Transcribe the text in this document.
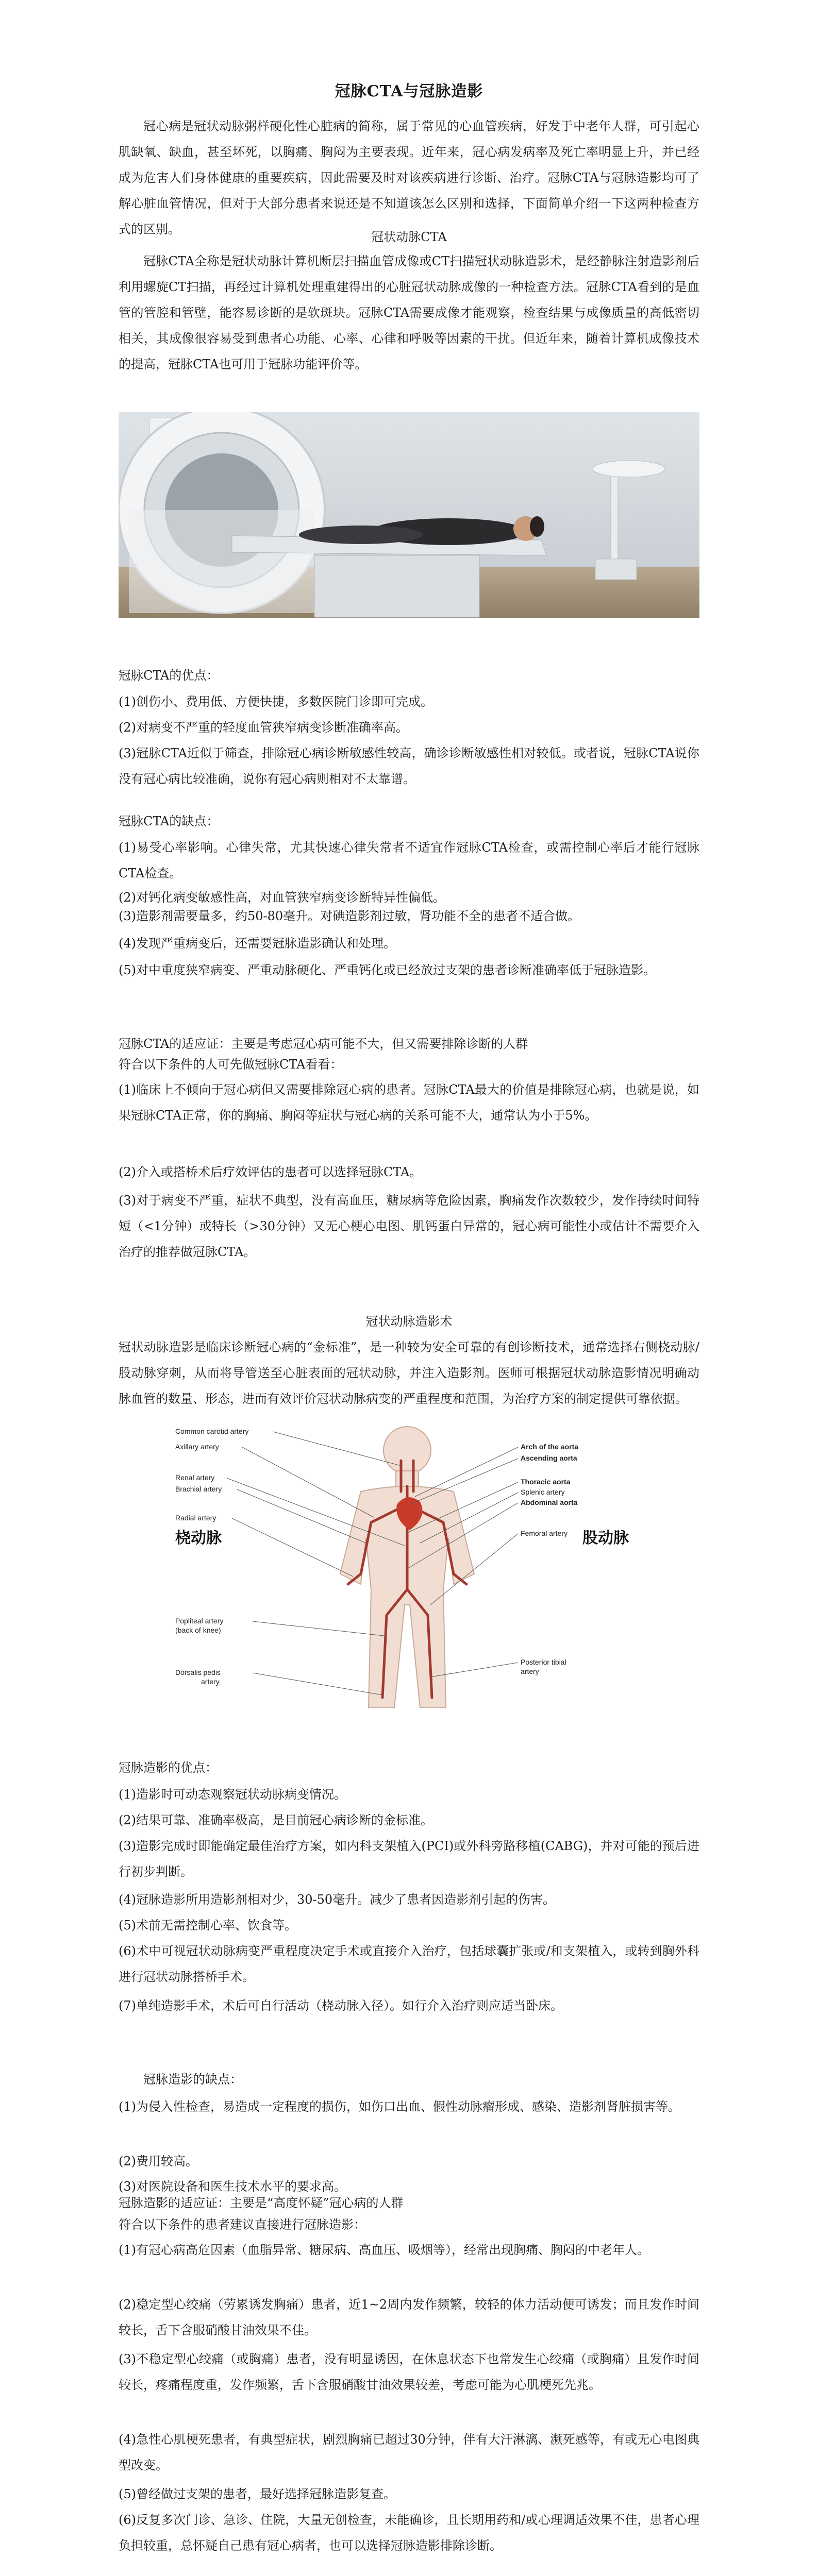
冠脉CTA与冠脉造影
冠心病是冠状动脉粥样硬化性心脏病的简称，属于常见的心血管疾病，好发于中老年人群，可引起心肌缺氧、缺血，甚至坏死，以胸痛、胸闷为主要表现。近年来，冠心病发病率及死亡率明显上升，并已经成为危害人们身体健康的重要疾病，因此需要及时对该疾病进行诊断、治疗。冠脉CTA与冠脉造影均可了解心脏血管情况，但对于大部分患者来说还是不知道该怎么区别和选择，下面简单介绍一下这两种检查方式的区别。
冠状动脉CTA
冠脉CTA全称是冠状动脉计算机断层扫描血管成像或CT扫描冠状动脉造影术，是经静脉注射造影剂后利用螺旋CT扫描，再经过计算机处理重建得出的心脏冠状动脉成像的一种检查方法。冠脉CTA看到的是血管的管腔和管壁，能容易诊断的是软斑块。冠脉CTA需要成像才能观察，检查结果与成像质量的高低密切相关，其成像很容易受到患者心功能、心率、心律和呼吸等因素的干扰。但近年来，随着计算机成像技术的提高，冠脉CTA也可用于冠脉功能评价等。
冠脉CTA的优点：
(1)创伤小、费用低、方便快捷，多数医院门诊即可完成。
(2)对病变不严重的轻度血管狭窄病变诊断准确率高。
(3)冠脉CTA近似于筛查，排除冠心病诊断敏感性较高，确诊诊断敏感性相对较低。或者说，冠脉CTA说你没有冠心病比较准确，说你有冠心病则相对不太靠谱。
冠脉CTA的缺点：
(1)易受心率影响。心律失常，尤其快速心律失常者不适宜作冠脉CTA检查，或需控制心率后才能行冠脉CTA检查。
(2)对钙化病变敏感性高，对血管狭窄病变诊断特异性偏低。
(3)造影剂需要量多，约50-80毫升。对碘造影剂过敏，肾功能不全的患者不适合做。
(4)发现严重病变后，还需要冠脉造影确认和处理。
(5)对中重度狭窄病变、严重动脉硬化、严重钙化或已经放过支架的患者诊断准确率低于冠脉造影。
冠脉CTA的适应证：主要是考虑冠心病可能不大，但又需要排除诊断的人群
符合以下条件的人可先做冠脉CTA看看：
(1)临床上不倾向于冠心病但又需要排除冠心病的患者。冠脉CTA最大的价值是排除冠心病，也就是说，如果冠脉CTA正常，你的胸痛、胸闷等症状与冠心病的关系可能不大，通常认为小于5%。
(2)介入或搭桥术后疗效评估的患者可以选择冠脉CTA。
(3)对于病变不严重，症状不典型，没有高血压，糖尿病等危险因素，胸痛发作次数较少，发作持续时间特短（<1分钟）或特长（>30分钟）又无心梗心电图、肌钙蛋白异常的，冠心病可能性小或估计不需要介入治疗的推荐做冠脉CTA。
冠状动脉造影术
冠状动脉造影是临床诊断冠心病的“金标准”，是一种较为安全可靠的有创诊断技术，通常选择右侧桡动脉/股动脉穿刺，从而将导管送至心脏表面的冠状动脉，并注入造影剂。医师可根据冠状动脉造影情况明确动脉血管的数量、形态，进而有效评价冠状动脉病变的严重程度和范围，为治疗方案的制定提供可靠依据。
Common carotid artery
Axillary artery
Renal artery
Brachial artery
Radial artery
Popliteal artery
(back of knee)
Dorsalis pedis
artery
Arch of the aorta
Ascending aorta
Thoracic aorta
Splenic artery
Abdominal aorta
Femoral artery
Posterior tibial
artery
桡动脉	股动脉
冠脉造影的优点：
(1)造影时可动态观察冠状动脉病变情况。
(2)结果可靠、准确率极高，是目前冠心病诊断的金标准。
(3)造影完成时即能确定最佳治疗方案，如内科支架植入(PCI)或外科旁路移植(CABG)，并对可能的预后进行初步判断。
(4)冠脉造影所用造影剂相对少，30-50毫升。减少了患者因造影剂引起的伤害。
(5)术前无需控制心率、饮食等。
(6)术中可视冠状动脉病变严重程度决定手术或直接介入治疗，包括球囊扩张或/和支架植入，或转到胸外科进行冠状动脉搭桥手术。
(7)单纯造影手术，术后可自行活动（桡动脉入径）。如行介入治疗则应适当卧床。
冠脉造影的缺点：
(1)为侵入性检查，易造成一定程度的损伤，如伤口出血、假性动脉瘤形成、感染、造影剂肾脏损害等。
(2)费用较高。
(3)对医院设备和医生技术水平的要求高。
冠脉造影的适应证：主要是“高度怀疑”冠心病的人群
符合以下条件的患者建议直接进行冠脉造影：
(1)有冠心病高危因素（血脂异常、糖尿病、高血压、吸烟等），经常出现胸痛、胸闷的中老年人。
(2)稳定型心绞痛（劳累诱发胸痛）患者，近1~2周内发作频繁，较轻的体力活动便可诱发；而且发作时间较长，舌下含服硝酸甘油效果不佳。
(3)不稳定型心绞痛（或胸痛）患者，没有明显诱因，在休息状态下也常发生心绞痛（或胸痛）且发作时间较长，疼痛程度重，发作频繁，舌下含服硝酸甘油效果较差，考虑可能为心肌梗死先兆。
(4)急性心肌梗死患者，有典型症状，剧烈胸痛已超过30分钟，伴有大汗淋漓、濒死感等，有或无心电图典型改变。
(5)曾经做过支架的患者，最好选择冠脉造影复查。
(6)反复多次门诊、急诊、住院，大量无创检查，未能确诊，且长期用药和/或心理调适效果不佳，患者心理负担较重，总怀疑自己患有冠心病者，也可以选择冠脉造影排除诊断。
